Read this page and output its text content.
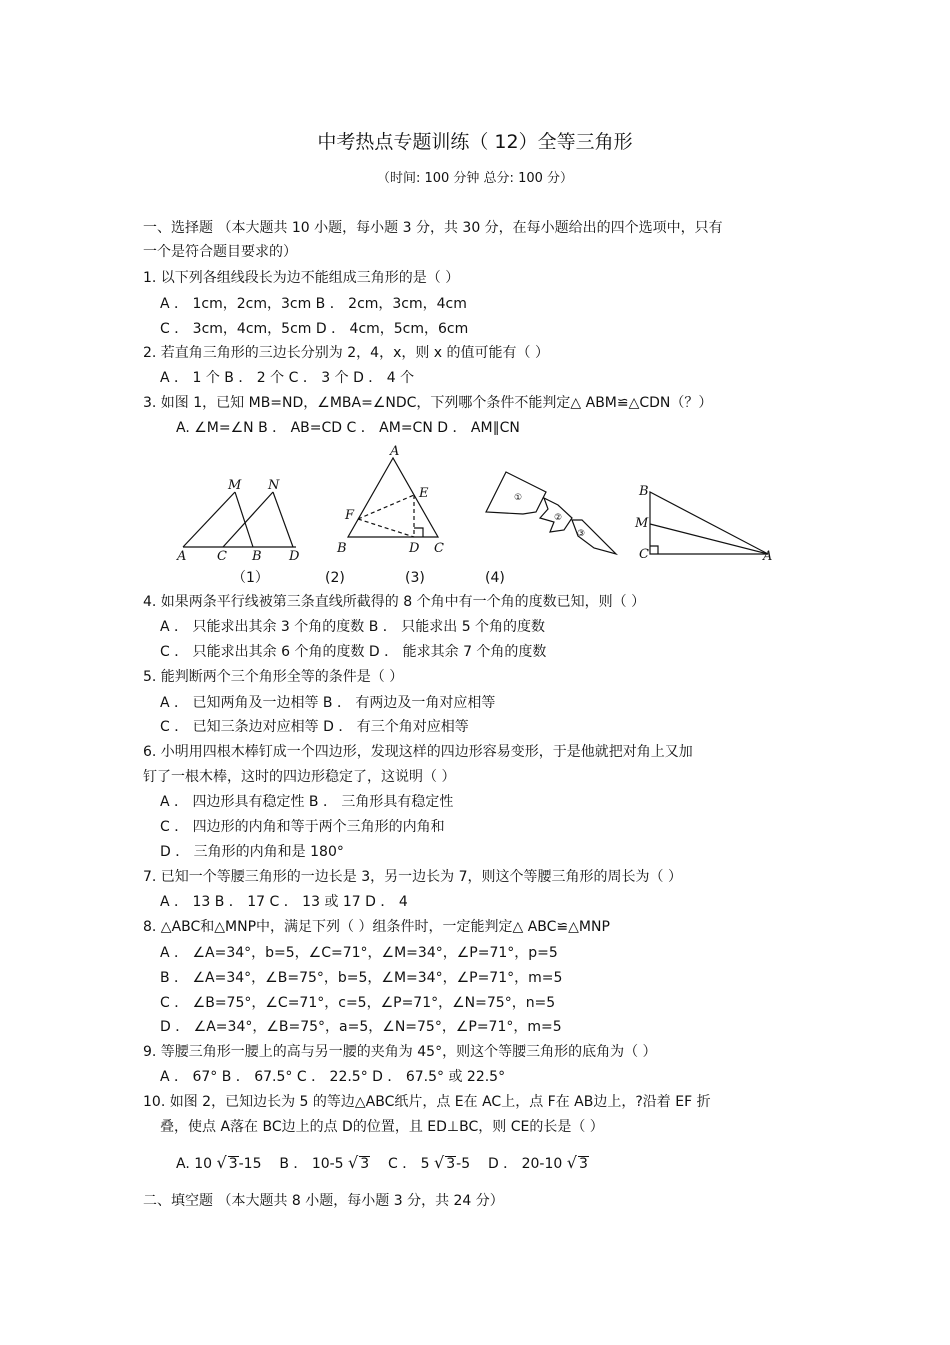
中考热点专题训练（ 12）全等三角形
（时间: 100 分钟 总分: 100 分）
一、选择题 （本大题共 10 小题，每小题 3 分，共 30 分，在每小题给出的四个选项中，只有
一个是符合题目要求的）
1. 以下列各组线段长为边不能组成三角形的是（ ）
A ． 1cm，2cm，3cm B ． 2cm，3cm，4cm
C ． 3cm，4cm，5cm D ． 4cm，5cm，6cm
2. 若直角三角形的三边长分别为 2，4，x，则 x 的值可能有（ ）
A ． 1 个 B ． 2 个 C ． 3 个 D ． 4 个
3. 如图 1，已知 MB=ND，∠MBA=∠NDC，下列哪个条件不能判定△ ABM≌△CDN（？）
A. ∠M=∠N B ． AB=CD C ． AM=CN D ． AM∥CN
M N
A C B D
A
E
F
B	D C
①
②
③
B
M
C	A
（1）	(2)	(3)	(4)
4. 如果两条平行线被第三条直线所截得的 8 个角中有一个角的度数已知，则（ ）
A ． 只能求出其余 3 个角的度数 B ． 只能求出 5 个角的度数
C ． 只能求出其余 6 个角的度数 D ． 能求其余 7 个角的度数
5. 能判断两个三个角形全等的条件是（ ）
A ． 已知两角及一边相等 B ． 有两边及一角对应相等
C ． 已知三条边对应相等 D ． 有三个角对应相等
6. 小明用四根木棒钉成一个四边形，发现这样的四边形容易变形，于是他就把对角上又加
钉了一根木棒，这时的四边形稳定了，这说明（ ）
A ． 四边形具有稳定性 B ． 三角形具有稳定性
C ． 四边形的内角和等于两个三角形的内角和
D ． 三角形的内角和是 180°
7. 已知一个等腰三角形的一边长是 3，另一边长为 7，则这个等腰三角形的周长为（ ）
A ． 13 B ． 17 C ． 13 或 17 D ． 4
8. △ABC和△MNP中，满足下列（ ）组条件时，一定能判定△ ABC≌△MNP
A ． ∠A=34°，b=5，∠C=71°，∠M=34°，∠P=71°，p=5
B ． ∠A=34°，∠B=75°，b=5，∠M=34°，∠P=71°，m=5
C ． ∠B=75°，∠C=71°，c=5，∠P=71°，∠N=75°，n=5
D ． ∠A=34°，∠B=75°，a=5，∠N=75°，∠P=71°，m=5
9. 等腰三角形一腰上的高与另一腰的夹角为 45°，则这个等腰三角形的底角为（ ）
A ． 67° B ． 67.5° C ． 22.5° D ． 67.5° 或 22.5°
10. 如图 2，已知边长为 5 的等边△ABC纸片，点 E在 AC上，点 F在 AB边上，?沿着 EF 折
叠，使点 A落在 BC边上的点 D的位置，且 ED⊥BC，则 CE的长是（ ）
A. 10 √ 3-15 B ． 10-5 √ 3 C ． 5 √ 3-5 D ． 20-10 √ 3
二、填空题 （本大题共 8 小题，每小题 3 分，共 24 分）
